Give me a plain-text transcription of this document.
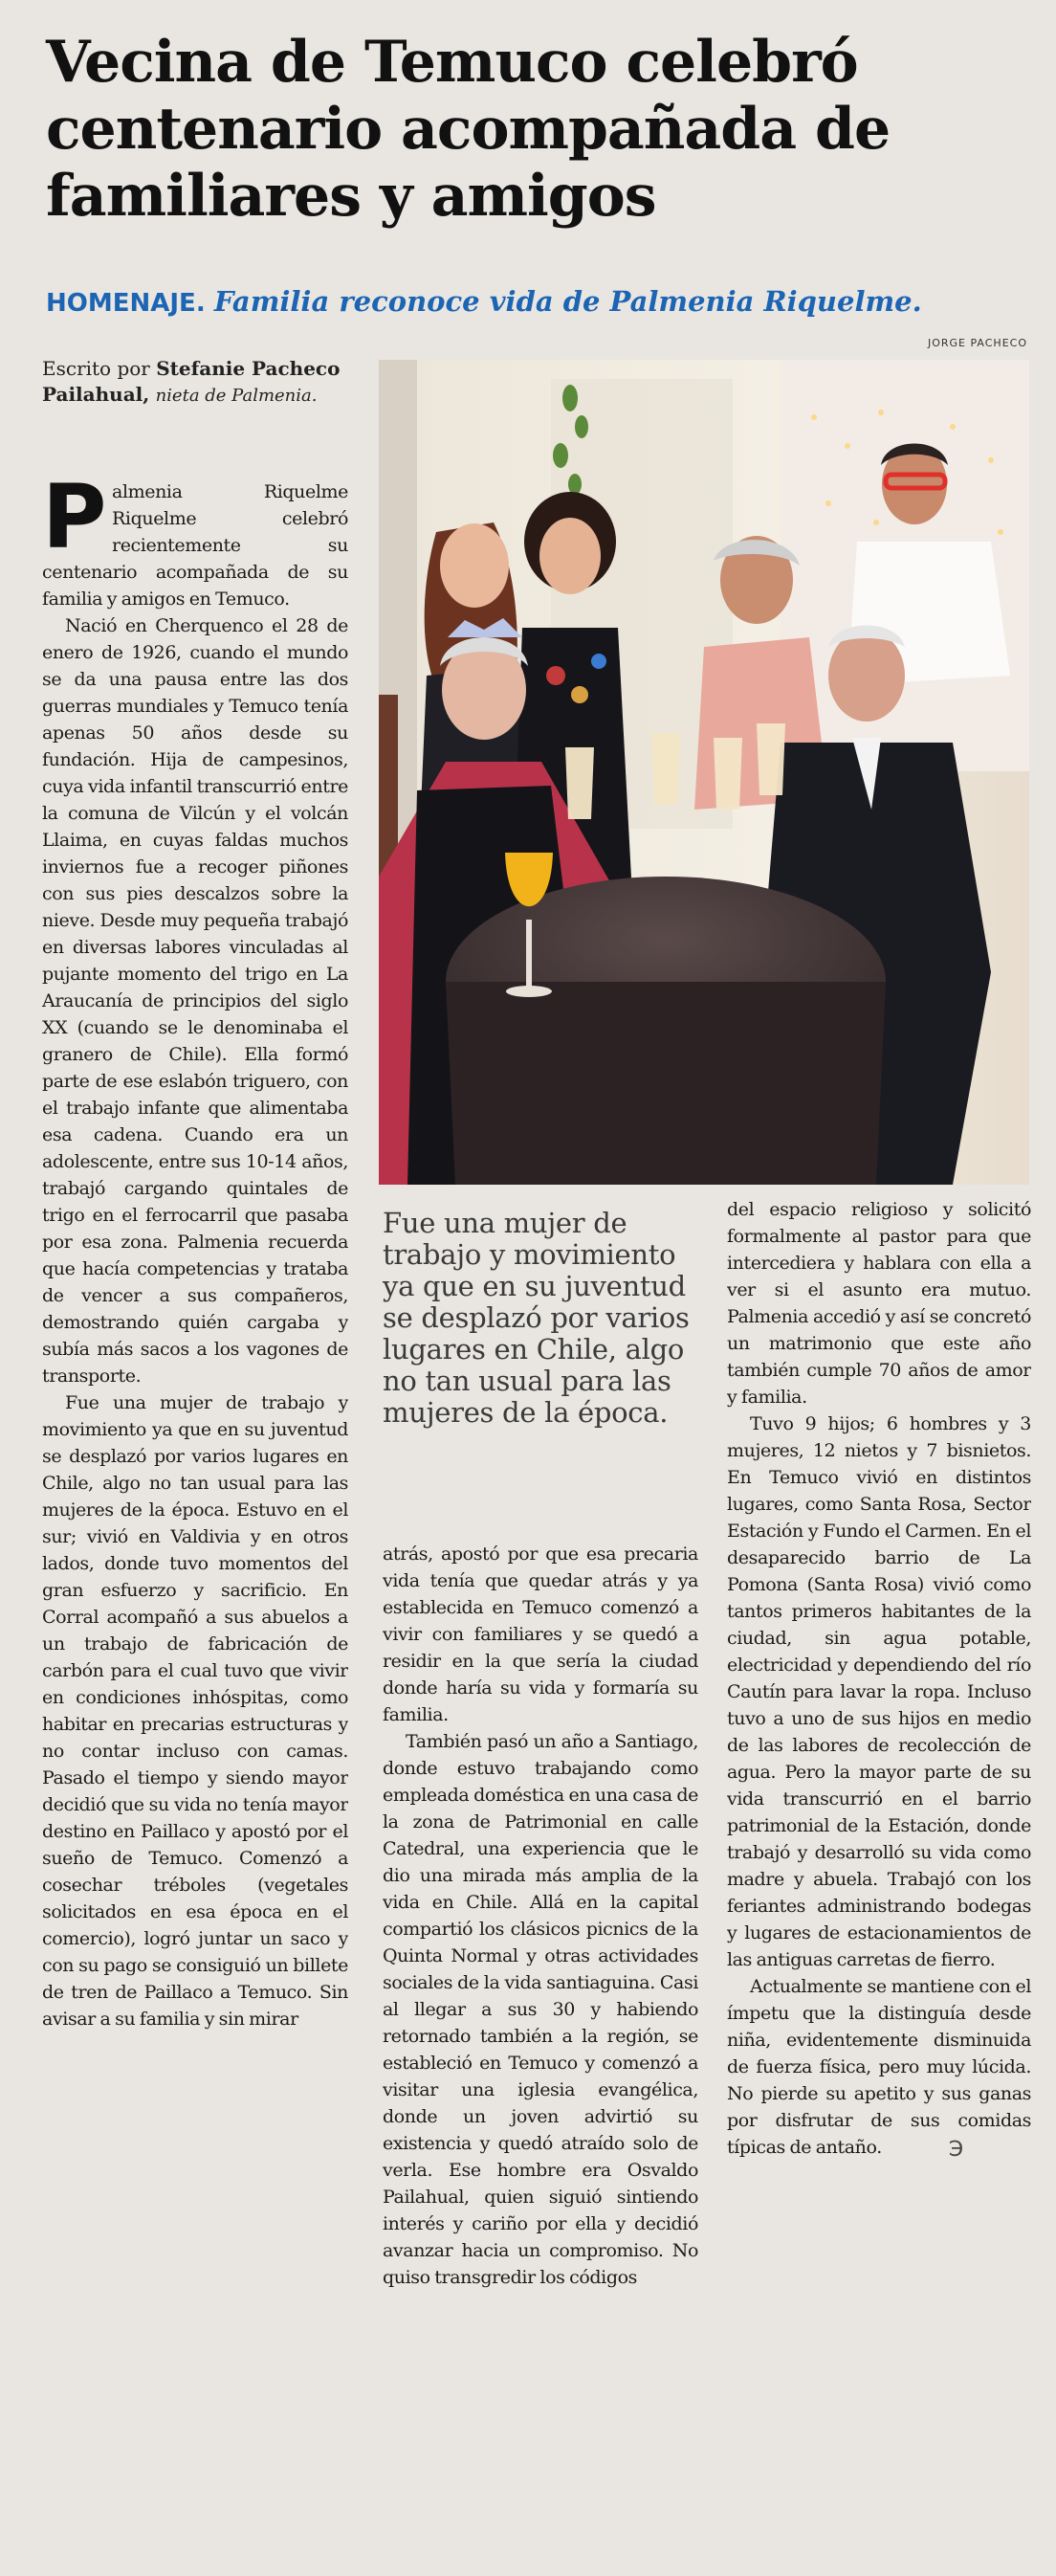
Vecina de Temuco celebró centenario acompañada de familiares y amigos
HOMENAJE. Familia reconoce vida de Palmenia Riquelme.
JORGE PACHECO
Escrito por Stefanie Pacheco Pailahual, nieta de Palmenia.

Fue una mujer de trabajo y movimiento ya que en su juventud se desplazó por varios lugares en Chile, algo no tan usual para las mujeres de la época.

Palmenia Riquelme Riquelme celebró recientemente su centenario acompañada de su familia y amigos en Temuco.

Nació en Cherquenco el 28 de enero de 1926, cuando el mundo se da una pausa entre las dos guerras mundiales y Temuco tenía apenas 50 años desde su fundación. Hija de campesinos, cuya vida infantil transcurrió entre la comuna de Vilcún y el volcán Llaima, en cuyas faldas muchos inviernos fue a recoger piñones con sus pies descalzos sobre la nieve. Desde muy pequeña trabajó en diversas labores vinculadas al pujante momento del trigo en La Araucanía de principios del siglo XX (cuando se le denominaba el granero de Chile). Ella formó parte de ese eslabón triguero, con el trabajo infante que alimentaba esa cadena. Cuando era un adolescente, entre sus 10-14 años, trabajó cargando quintales de trigo en el ferrocarril que pasaba por esa zona. Palmenia recuerda que hacía competencias y trataba de vencer a sus compañeros, demostrando quién cargaba y subía más sacos a los vagones de transporte.

Fue una mujer de trabajo y movimiento ya que en su juventud se desplazó por varios lugares en Chile, algo no tan usual para las mujeres de la época. Estuvo en el sur; vivió en Valdivia y en otros lados, donde tuvo momentos del gran esfuerzo y sacrificio. En Corral acompañó a sus abuelos a un trabajo de fabricación de carbón para el cual tuvo que vivir en condiciones inhóspitas, como habitar en precarias estructuras y no contar incluso con camas. Pasado el tiempo y siendo mayor decidió que su vida no tenía mayor destino en Paillaco y apostó por el sueño de Temuco. Comenzó a cosechar tréboles (vegetales solicitados en esa época en el comercio), logró juntar un saco y con su pago se consiguió un billete de tren de Paillaco a Temuco. Sin avisar a su familia y sin mirar

atrás, apostó por que esa precaria vida tenía que quedar atrás y ya establecida en Temuco comenzó a vivir con familiares y se quedó a residir en la que sería la ciudad donde haría su vida y formaría su familia.

También pasó un año a Santiago, donde estuvo trabajando como empleada doméstica en una casa de la zona de Patrimonial en calle Catedral, una experiencia que le dio una mirada más amplia de la vida en Chile. Allá en la capital compartió los clásicos picnics de la Quinta Normal y otras actividades sociales de la vida santiaguina. Casi al llegar a sus 30 y habiendo retornado también a la región, se estableció en Temuco y comenzó a visitar una iglesia evangélica, donde un joven advirtió su existencia y quedó atraído solo de verla. Ese hombre era Osvaldo Pailahual, quien siguió sintiendo interés y cariño por ella y decidió avanzar hacia un compromiso. No quiso transgredir los códigos

del espacio religioso y solicitó formalmente al pastor para que intercediera y hablara con ella a ver si el asunto era mutuo. Palmenia accedió y así se concretó un matrimonio que este año también cumple 70 años de amor y familia.

Tuvo 9 hijos; 6 hombres y 3 mujeres, 12 nietos y 7 bisnietos. En Temuco vivió en distintos lugares, como Santa Rosa, Sector Estación y Fundo el Carmen. En el desaparecido barrio de La Pomona (Santa Rosa) vivió como tantos primeros habitantes de la ciudad, sin agua potable, electricidad y dependiendo del río Cautín para lavar la ropa. Incluso tuvo a uno de sus hijos en medio de las labores de recolección de agua. Pero la mayor parte de su vida transcurrió en el barrio patrimonial de la Estación, donde trabajó y desarrolló su vida como madre y abuela. Trabajó con los feriantes administrando bodegas y lugares de estacionamientos de las antiguas carretas de fierro.

Actualmente se mantiene con el ímpetu que la distinguía desde niña, evidentemente disminuida de fuerza física, pero muy lúcida. No pierde su apetito y sus ganas por disfrutar de sus comidas típicas de antaño.	℈
